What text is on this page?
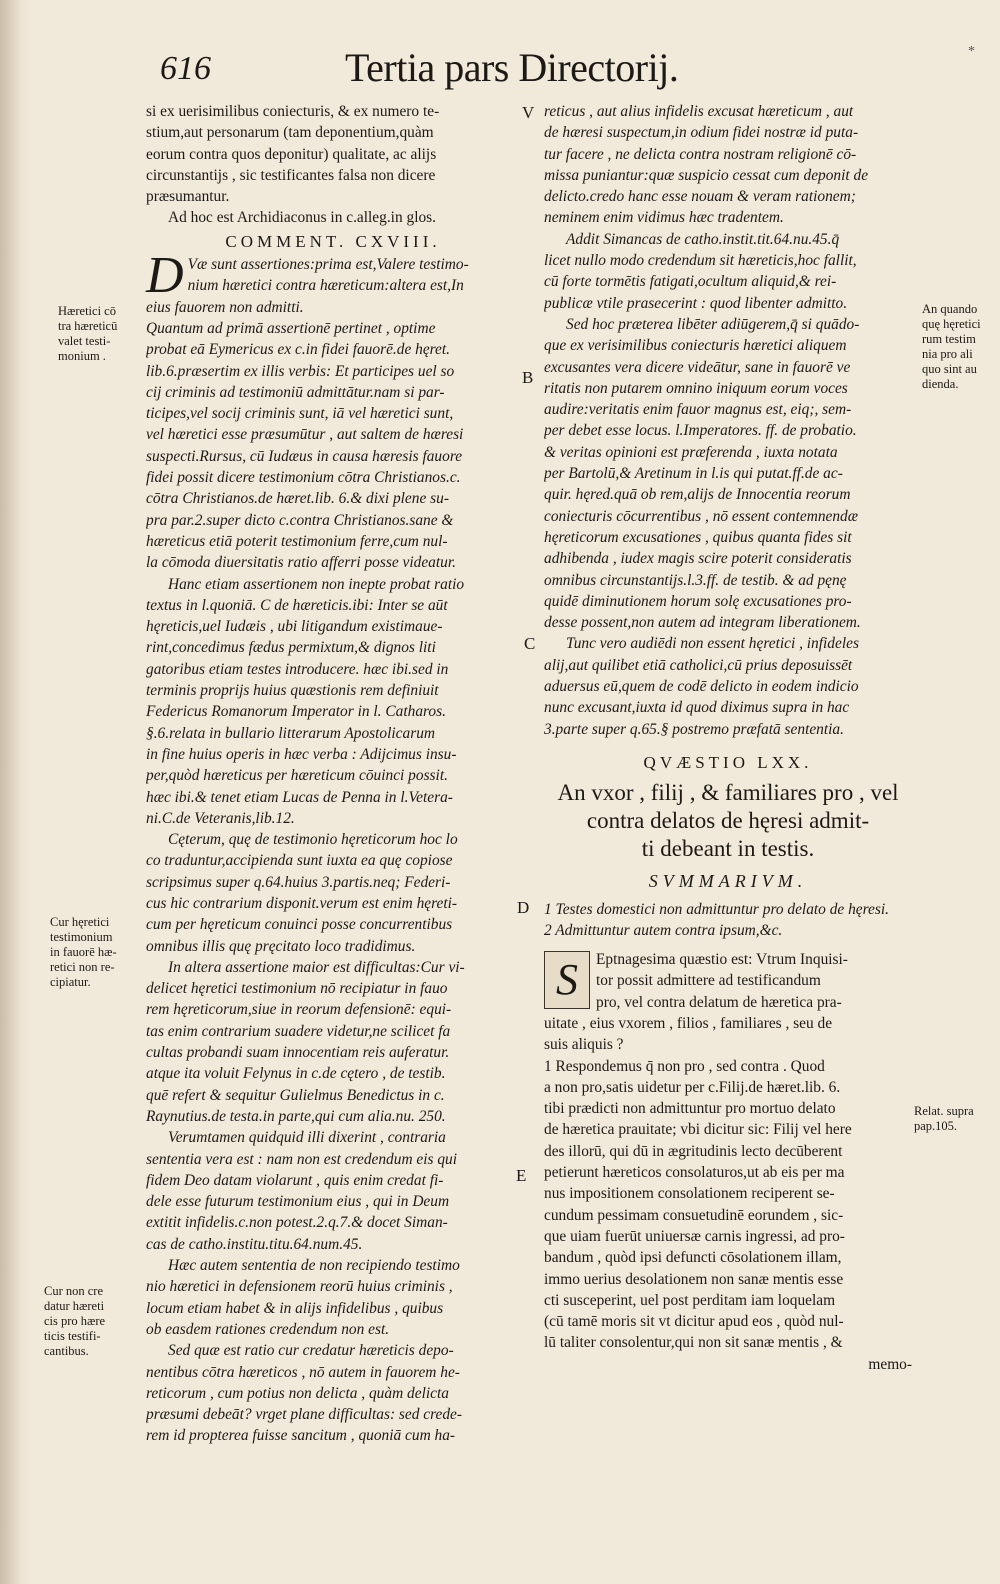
616	Tertia pars Directorij.	*
si ex uerisimilibus coniecturis, & ex numero te-
stium,aut personarum (tam deponentium,quàm
eorum contra quos deponitur) qualitate, ac alijs
circunstantijs , sic testificantes falsa non dicere
præsumantur.
Ad hoc est Archidiaconus in c.alleg.in glos.
COMMENT. CXVIII.
D Væ sunt assertiones:prima est,Valere testimo-
nium hæretici contra hæreticum:altera est,In
eius fauorem non admitti.
Quantum ad primā assertionē pertinet , optime
probat eā Eymericus ex c.in fidei fauorē.de hęret.
lib.6.præsertim ex illis verbis: Et participes uel so
cij criminis ad testimoniū admittātur.nam si par-
ticipes,vel socij criminis sunt, iā vel hæretici sunt,
vel hæretici esse præsumūtur , aut saltem de hæresi
suspecti.Rursus, cū Iudæus in causa hæresis fauore
fidei possit dicere testimonium cōtra Christianos.c.
cōtra Christianos.de hæret.lib. 6.& dixi plene su-
pra par.2.super dicto c.contra Christianos.sane &
hæreticus etiā poterit testimonium ferre,cum nul-
la cōmoda diuersitatis ratio afferri posse videatur.
Hanc etiam assertionem non inepte probat ratio
textus in l.quoniā. C de hæreticis.ibi: Inter se aūt
hęreticis,uel Iudæis , ubi litigandum existimaue-
rint,concedimus fædus permixtum,& dignos liti
gatoribus etiam testes introducere. hæc ibi.sed in
terminis proprijs huius quæstionis rem definiuit
Federicus Romanorum Imperator in l. Catharos.
§.6.relata in bullario litterarum Apostolicarum
in fine huius operis in hæc verba : Adijcimus insu-
per,quòd hæreticus per hæreticum cōuinci possit.
hæc ibi.& tenet etiam Lucas de Penna in l.Vetera-
ni.C.de Veteranis,lib.12.
Cęterum, quę de testimonio hęreticorum hoc lo
co traduntur,accipienda sunt iuxta ea quę copiose
scripsimus super q.64.huius 3.partis.neq; Federi-
cus hic contrarium disponit.verum est enim hęreti-
cum per hęreticum conuinci posse concurrentibus
omnibus illis quę pręcitato loco tradidimus.
In altera assertione maior est difficultas:Cur vi-
delicet hęretici testimonium nō recipiatur in fauo
rem hęreticorum,siue in reorum defensionē: equi-
tas enim contrarium suadere videtur,ne scilicet fa
cultas probandi suam innocentiam reis auferatur.
atque ita voluit Felynus in c.de cętero , de testib.
quē refert & sequitur Gulielmus Benedictus in c.
Raynutius.de testa.in parte,qui cum alia.nu. 250.
Verumtamen quidquid illi dixerint , contraria
sententia vera est : nam non est credendum eis qui
fidem Deo datam violarunt , quis enim credat fi-
dele esse futurum testimonium eius , qui in Deum
extitit infidelis.c.non potest.2.q.7.& docet Siman-
cas de catho.institu.titu.64.num.45.
Hæc autem sententia de non recipiendo testimo
nio hæretici in defensionem reorū huius criminis ,
locum etiam habet & in alijs infidelibus , quibus
ob easdem rationes credendum non est.
Sed quæ est ratio cur credatur hæreticis depo-
nentibus cōtra hæreticos , nō autem in fauorem he-
reticorum , cum potius non delicta , quàm delicta
præsumi debeāt? vrget plane difficultas: sed crede-
rem id propterea fuisse sancitum , quoniā cum ha-
reticus , aut alius infidelis excusat hæreticum , aut
de hæresi suspectum,in odium fidei nostræ id puta-
tur facere , ne delicta contra nostram religionē cō-
missa puniantur:quæ suspicio cessat cum deponit de
delicto.credo hanc esse nouam & veram rationem;
neminem enim vidimus hæc tradentem.
Addit Simancas de catho.instit.tit.64.nu.45.q̄
licet nullo modo credendum sit hæreticis,hoc fallit,
cū forte tormētis fatigati,ocultum aliquid,& rei-
publicæ vtile prasecerint : quod libenter admitto.
Sed hoc præterea libēter adiūgerem,q̄ si quādo-
que ex verisimilibus coniecturis hæretici aliquem
excusantes vera dicere videātur, sane in fauorē ve
ritatis non putarem omnino iniquum eorum voces
audire:veritatis enim fauor magnus est, eiq;, sem-
per debet esse locus. l.Imperatores. ff. de probatio.
& veritas opinioni est præferenda , iuxta notata
per Bartolū,& Aretinum in l.is qui putat.ff.de ac-
quir. hęred.quā ob rem,alijs de Innocentia reorum
coniecturis cōcurrentibus , nō essent contemnendæ
hęreticorum excusationes , quibus quanta fides sit
adhibenda , iudex magis scire poterit consideratis
omnibus circunstantijs.l.3.ff. de testib. & ad pęnę
quidē diminutionem horum solę excusationes pro-
desse possent,non autem ad integram liberationem.
Tunc vero audiēdi non essent hęretici , infideles
alij,aut quilibet etiā catholici,cū prius deposuissēt
aduersus eū,quem de codē delicto in eodem indicio
nunc excusant,iuxta id quod diximus supra in hac
3.parte super q.65.§ postremo præfatā sententia.
QVÆSTIO LXX.
An vxor , filij , & familiares pro , vel
contra delatos de hęresi admit-
ti debeant in testis.
SVMMARIVM.
1 Testes domestici non admittuntur pro delato de hęresi.
2 Admittuntur autem contra ipsum,&c.
S	Eptnagesima quæstio est: Vtrum Inquisi-
tor possit admittere ad testificandum
pro, vel contra delatum de hæretica pra-
uitate , eius vxorem , filios , familiares , seu de
suis aliquis ?
1 Respondemus q̄ non pro , sed contra . Quod
a non pro,satis uidetur per c.Filij.de hæret.lib. 6.
tibi prædicti non admittuntur pro mortuo delato
de hæretica prauitate; vbi dicitur sic: Filij vel here
des illorū, qui dū in ægritudinis lecto decūberent
petierunt hæreticos consolaturos,ut ab eis per ma
nus impositionem consolationem reciperent se-
cundum pessimam consuetudinē eorundem , sic-
que uiam fuerūt uniuersæ carnis ingressi, ad pro-
bandum , quòd ipsi defuncti cōsolationem illam,
immo uerius desolationem non sanæ mentis esse
cti susceperint, uel post perditam iam loquelam
(cū tamē moris sit vt dicitur apud eos , quòd nul-
lū taliter consolentur,qui non sit sanæ mentis , &
memo-
Hæretici cō
tra hæreticū
valet testi-
monium .
Cur hęretici
testimonium
in fauorē hæ-
retici non re-
cipiatur.
Cur non cre
datur hæreti
cis pro hære
ticis testifi-
cantibus.
An quando
quę hęretici
rum testim
nia pro ali
quo sint au
dienda.
Relat. supra
pap.105.
V
B
C
D
E
